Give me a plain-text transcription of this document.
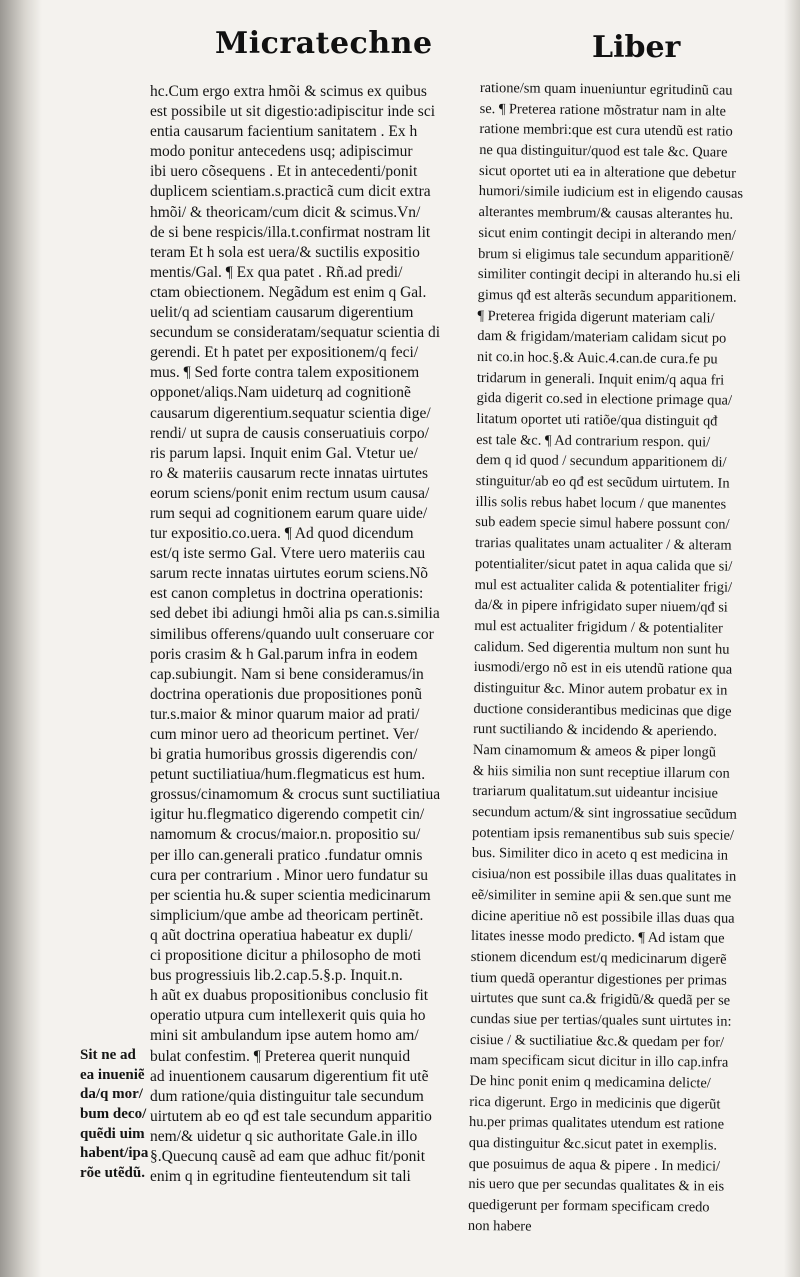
Micratechne	Liber
hc.Cum ergo extra hmõi & scimus ex quibus
est possibile ut sit digestio:adipiscitur inde sci
entia causarum facientium sanitatem . Ex h
modo ponitur antecedens usq; adipiscimur
ibi uero cõsequens . Et in antecedenti/ponit
duplicem scientiam.s.practicã cum dicit extra
hmõi/ & theoricam/cum dicit & scimus.Vn/
de si bene respicis/illa.t.confirmat nostram lit
teram Et h sola est uera/& suctilis expositio
mentis/Gal. ¶ Ex qua patet . Rñ.ad predi/
ctam obiectionem. Negãdum est enim q Gal.
uelit/q ad scientiam causarum digerentium
secundum se consideratam/sequatur scientia di
gerendi. Et h patet per expositionem/q feci/
mus. ¶ Sed forte contra talem expositionem
opponet/aliqs.Nam uideturq ad cognitionẽ
causarum digerentium.sequatur scientia dige/
rendi/ ut supra de causis conseruatiuis corpo/
ris parum lapsi. Inquit enim Gal. Vtetur ue/
ro & materiis causarum recte innatas uirtutes
eorum sciens/ponit enim rectum usum causa/
rum sequi ad cognitionem earum quare uide/
tur expositio.co.uera. ¶ Ad quod dicendum
est/q iste sermo Gal. Vtere uero materiis cau
sarum recte innatas uirtutes eorum sciens.Nõ
est canon completus in doctrina operationis:
sed debet ibi adiungi hmõi alia ps can.s.similia
similibus offerens/quando uult conseruare cor
poris crasim & h Gal.parum infra in eodem
cap.subiungit. Nam si bene consideramus/in
doctrina operationis due propositiones ponũ
tur.s.maior & minor quarum maior ad prati/
cum minor uero ad theoricum pertinet. Ver/
bi gratia humoribus grossis digerendis con/
petunt suctiliatiua/hum.flegmaticus est hum.
grossus/cinamomum & crocus sunt suctiliatiua
igitur hu.flegmatico digerendo competit cin/
namomum & crocus/maior.n. propositio su/
per illo can.generali pratico .fundatur omnis
cura per contrarium . Minor uero fundatur su
per scientia hu.& super scientia medicinarum
simplicium/que ambe ad theoricam pertinẽt.
q aũt doctrina operatiua habeatur ex dupli/
ci propositione dicitur a philosopho de moti
bus progressiuis lib.2.cap.5.§.p. Inquit.n.
h aũt ex duabus propositionibus conclusio fit
operatio utpura cum intellexerit quis quia ho
mini sit ambulandum ipse autem homo am/
bulat confestim. ¶ Preterea querit nunquid
ad inuentionem causarum digerentium fit utẽ
dum ratione/quia distinguitur tale secundum
uirtutem ab eo qđ est tale secundum apparitio
nem/& uidetur q sic authoritate Gale.in illo
§.Quecunq causẽ ad eam que adhuc fit/ponit
enim q in egritudine fienteutendum sit tali
ratione/sm quam inueniuntur egritudinũ cau
se. ¶ Preterea ratione mõstratur nam in alte
ratione membri:que est cura utendũ est ratio
ne qua distinguitur/quod est tale &c. Quare
sicut oportet uti ea in alteratione que debetur
humori/simile iudicium est in eligendo causas
alterantes membrum/& causas alterantes hu.
sicut enim contingit decipi in alterando men/
brum si eligimus tale secundum apparitionẽ/
similiter contingit decipi in alterando hu.si eli
gimus qđ est alterãs secundum apparitionem.
¶ Preterea frigida digerunt materiam cali/
dam & frigidam/materiam calidam sicut po
nit co.in hoc.§.& Auic.4.can.de cura.fe pu
tridarum in generali. Inquit enim/q aqua fri
gida digerit co.sed in electione primage qua/
litatum oportet uti ratiõe/qua distinguit qđ
est tale &c. ¶ Ad contrarium respon. qui/
dem q id quod / secundum apparitionem di/
stinguitur/ab eo qđ est secũdum uirtutem. In
illis solis rebus habet locum / que manentes
sub eadem specie simul habere possunt con/
trarias qualitates unam actualiter / & alteram
potentialiter/sicut patet in aqua calida que si/
mul est actualiter calida & potentialiter frigi/
da/& in pipere infrigidato super niuem/qđ si
mul est actualiter frigidum / & potentialiter
calidum. Sed digerentia multum non sunt hu
iusmodi/ergo nõ est in eis utendũ ratione qua
distinguitur &c. Minor autem probatur ex in
ductione considerantibus medicinas que dige
runt suctiliando & incidendo & aperiendo.
Nam cinamomum & ameos & piper longũ
& hiis similia non sunt receptiue illarum con
trariarum qualitatum.sut uideantur incisiue
secundum actum/& sint ingrossatiue secũdum
potentiam ipsis remanentibus sub suis specie/
bus. Similiter dico in aceto q est medicina in
cisiua/non est possibile illas duas qualitates in
eẽ/similiter in semine apii & sen.que sunt me
dicine aperitiue nõ est possibile illas duas qua
litates inesse modo predicto. ¶ Ad istam que
stionem dicendum est/q medicinarum digerẽ
tium quedã operantur digestiones per primas
uirtutes que sunt ca.& frigidũ/& quedã per se
cundas siue per tertias/quales sunt uirtutes in:
cisiue / & suctiliatiue &c.& quedam per for/
mam specificam sicut dicitur in illo cap.infra
De hinc ponit enim q medicamina delicte/
rica digerunt. Ergo in medicinis que digerũt
hu.per primas qualitates utendum est ratione
qua distinguitur &c.sicut patet in exemplis.
que posuimus de aqua & pipere . In medici/
nis uero que per secundas qualitates & in eis
quedigerunt per formam specificam credo
non habere
Sit ne ad
ea inueniẽ
da/q mor/
bum deco/
quẽdi uim
habent/ipa
rõe utẽdũ.
